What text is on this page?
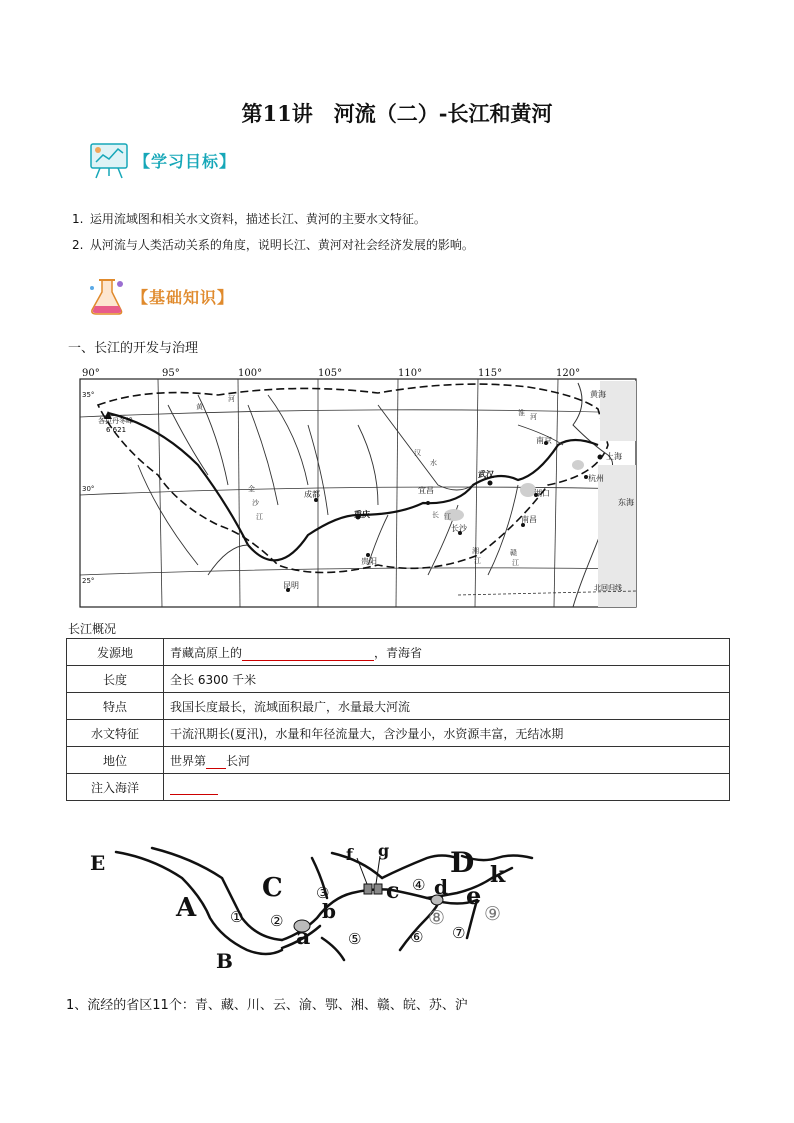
第11讲　河流（二）-长江和黄河
【学习目标】
1. 运用流域图和相关水文资料，描述长江、黄河的主要水文特征。
2. 从河流与人类活动关系的角度，说明长江、黄河对社会经济发展的影响。
【基础知识】
一、长江的开发与治理
90°	95°	100°	105°	110°	115°	120°
35°
30°
25°
各拉丹冬峰
6 621
成都
重庆
贵阳
昆明
宜昌
武汉
长沙
南昌
湖口
南京
上海
杭州
黄
河
长 江
金
沙
江
汉
水
湘
江
赣
江
淮 河
黄海
东海
北回归线
长江概况
发源地	青藏高原上的 ，青海省
长度	全长 6300 千米
特点	我国长度最长，流域面积最广，水量最大河流
水文特征	干流汛期长(夏汛)，水量和年径流量大，含沙量小，水资源丰富，无结冰期
地位	世界第 长河
注入海洋	
E
A
B
C
a
b
f g
c
D
d k
e
① ②
③	④
⑤	⑥ ⑦
⑧ ⑨
1、流经的省区11个：青、藏、川、云、渝、鄂、湘、赣、皖、苏、沪
